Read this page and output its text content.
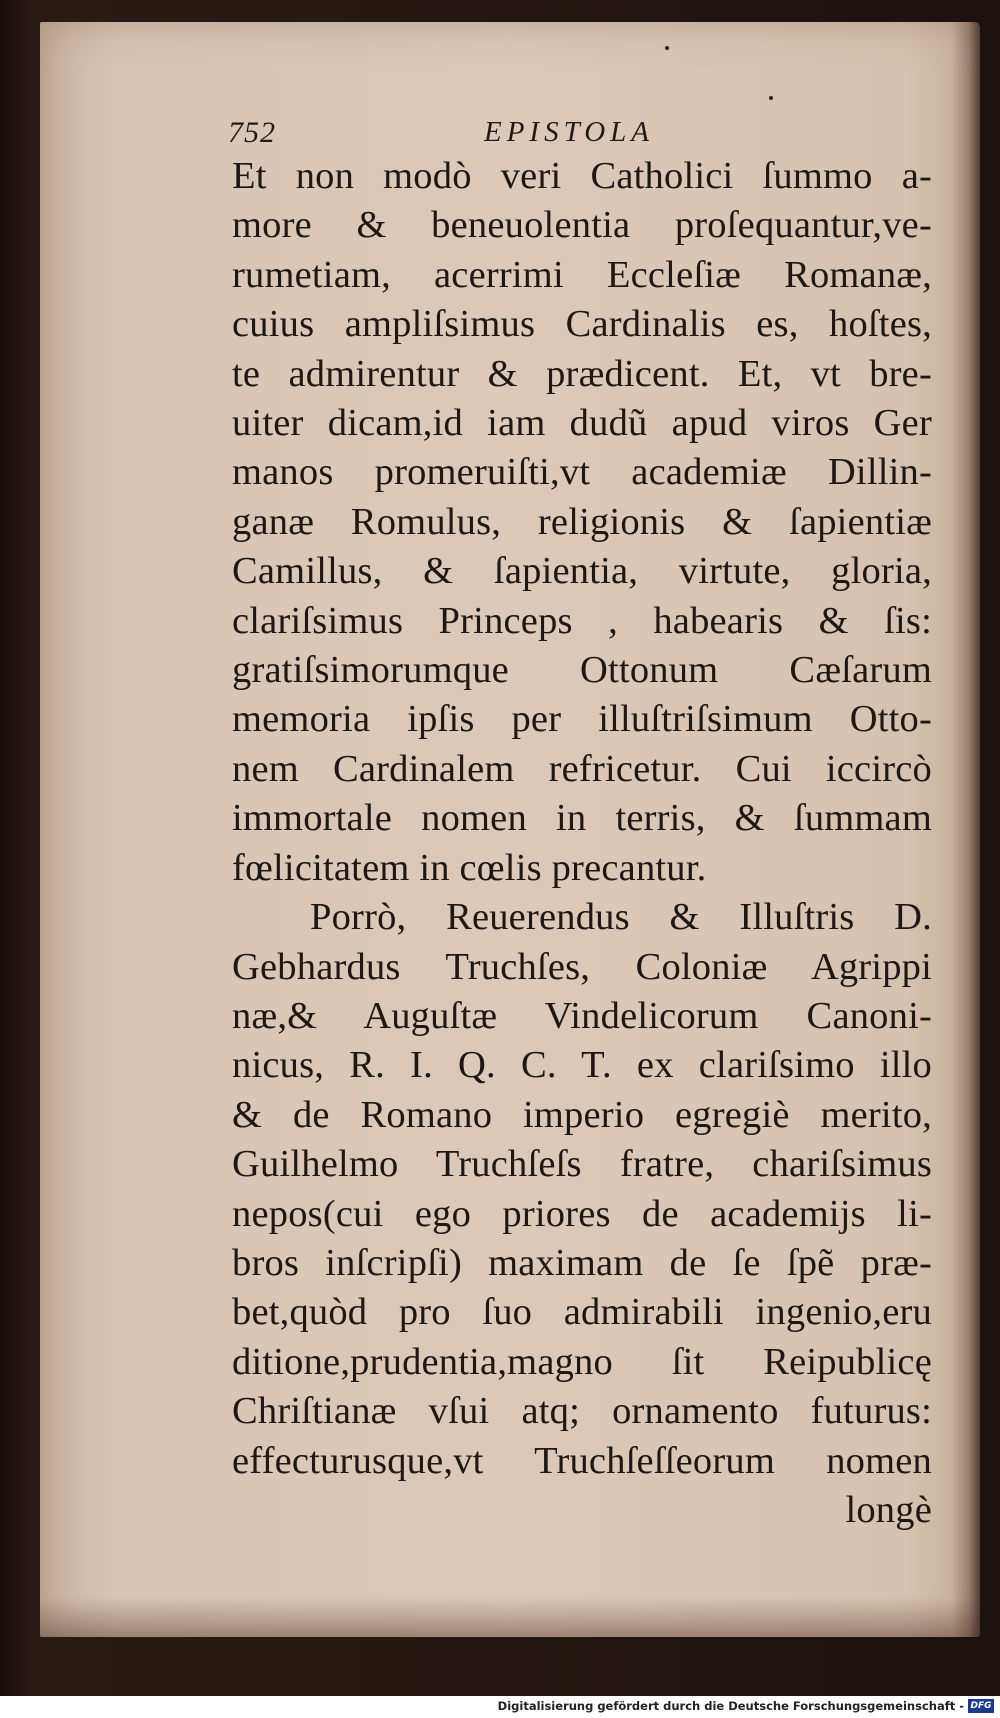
752	EPISTOLA
Et non modò veri Catholici ſummo a-
more & beneuolentia proſequantur,ve-
rumetiam, acerrimi Eccleſiæ Romanæ,
cuius ampliſsimus Cardinalis es, hoſtes,
te admirentur & prædicent. Et, vt bre-
uiter dicam,id iam dudũ apud viros Ger
manos promeruiſti,vt academiæ Dillin-
ganæ Romulus, religionis & ſapientiæ
Camillus, & ſapientia, virtute, gloria,
clariſsimus Princeps , habearis & ſis:
gratiſsimorumque Ottonum Cæſarum
memoria ipſis per illuſtriſsimum Otto-
nem Cardinalem refricetur. Cui iccircò
immortale nomen in terris, & ſummam
fœlicitatem in cœlis precantur.
Porrò, Reuerendus & Illuſtris D.
Gebhardus Truchſes, Coloniæ Agrippi
næ,& Auguſtæ Vindelicorum Canoni-
nicus, R. I. Q. C. T. ex clariſsimo illo
& de Romano imperio egregiè merito,
Guilhelmo Truchſeſs fratre, chariſsimus
nepos(cui ego priores de academijs li-
bros inſcripſi) maximam de ſe ſpẽ præ-
bet,quòd pro ſuo admirabili ingenio,eru
ditione,prudentia,magno ſit Reipublicę
Chriſtianæ vſui atq; ornamento futurus:
effecturusque,vt Truchſeſſeorum nomen
longè
Digitalisierung gefördert durch die Deutsche Forschungsgemeinschaft - DFG
